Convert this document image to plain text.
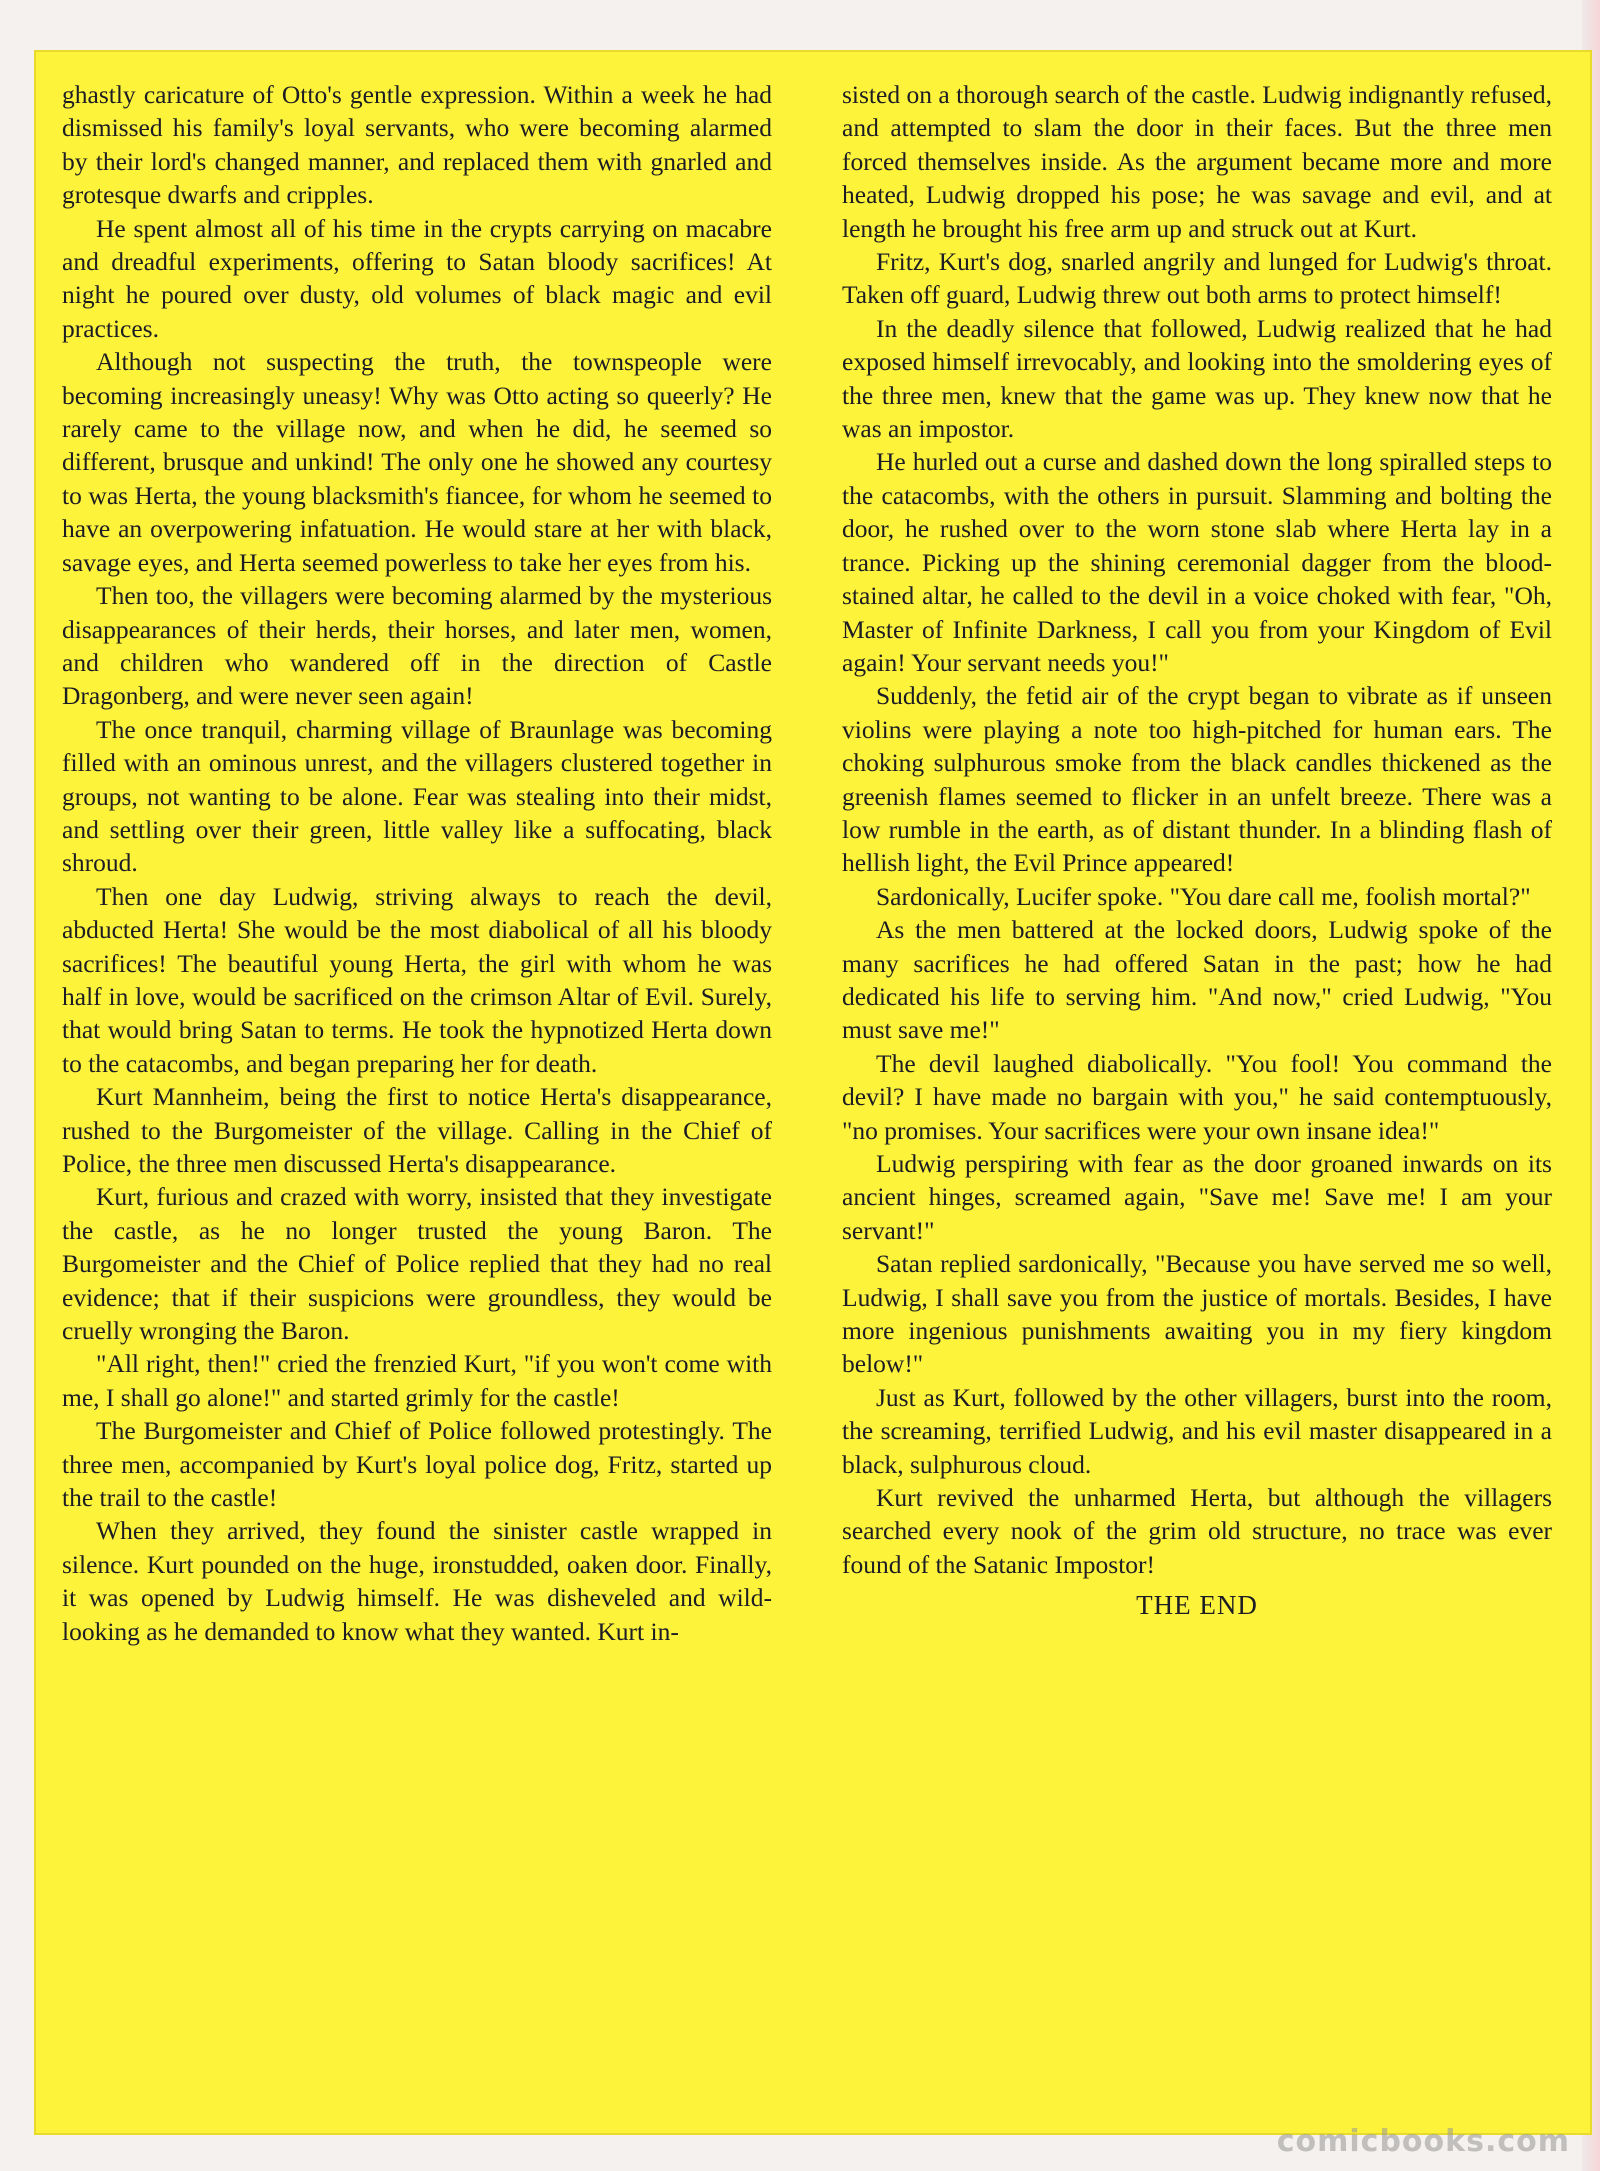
ghastly caricature of Otto's gentle expression. Within a week he had dismissed his family's loyal servants, who were becoming alarmed by their lord's changed manner, and replaced them with gnarled and grotesque dwarfs and cripples.

He spent almost all of his time in the crypts carrying on macabre and dreadful experiments, offering to Satan bloody sacrifices! At night he poured over dusty, old volumes of black magic and evil practices.

Although not suspecting the truth, the townspeople were becoming increasingly uneasy! Why was Otto acting so queerly? He rarely came to the village now, and when he did, he seemed so different, brusque and unkind! The only one he showed any courtesy to was Herta, the young blacksmith's fiancee, for whom he seemed to have an overpowering infatuation. He would stare at her with black, savage eyes, and Herta seemed powerless to take her eyes from his.

Then too, the villagers were becoming alarmed by the mysterious disappearances of their herds, their horses, and later men, women, and children who wandered off in the direction of Castle Dragonberg, and were never seen again!

The once tranquil, charming village of Braunlage was becoming filled with an ominous unrest, and the villagers clustered together in groups, not wanting to be alone. Fear was stealing into their midst, and settling over their green, little valley like a suffocating, black shroud.

Then one day Ludwig, striving always to reach the devil, abducted Herta! She would be the most diabolical of all his bloody sacrifices! The beautiful young Herta, the girl with whom he was half in love, would be sacrificed on the crimson Altar of Evil. Surely, that would bring Satan to terms. He took the hypnotized Herta down to the catacombs, and began preparing her for death.

Kurt Mannheim, being the first to notice Herta's disappearance, rushed to the Burgomeister of the village. Calling in the Chief of Police, the three men discussed Herta's disappearance.

Kurt, furious and crazed with worry, insisted that they investigate the castle, as he no longer trusted the young Baron. The Burgomeister and the Chief of Police replied that they had no real evidence; that if their suspicions were groundless, they would be cruelly wronging the Baron.

"All right, then!" cried the frenzied Kurt, "if you won't come with me, I shall go alone!" and started grimly for the castle!

The Burgomeister and Chief of Police followed protestingly. The three men, accompanied by Kurt's loyal police dog, Fritz, started up the trail to the castle!

When they arrived, they found the sinister castle wrapped in silence. Kurt pounded on the huge, ironstudded, oaken door. Finally, it was opened by Ludwig himself. He was disheveled and wild-looking as he demanded to know what they wanted. Kurt in-

sisted on a thorough search of the castle. Ludwig indignantly refused, and attempted to slam the door in their faces. But the three men forced themselves inside. As the argument became more and more heated, Ludwig dropped his pose; he was savage and evil, and at length he brought his free arm up and struck out at Kurt.

Fritz, Kurt's dog, snarled angrily and lunged for Ludwig's throat. Taken off guard, Ludwig threw out both arms to protect himself!

In the deadly silence that followed, Ludwig realized that he had exposed himself irrevocably, and looking into the smoldering eyes of the three men, knew that the game was up. They knew now that he was an impostor.

He hurled out a curse and dashed down the long spiralled steps to the catacombs, with the others in pursuit. Slamming and bolting the door, he rushed over to the worn stone slab where Herta lay in a trance. Picking up the shining ceremonial dagger from the blood-stained altar, he called to the devil in a voice choked with fear, "Oh, Master of Infinite Darkness, I call you from your Kingdom of Evil again! Your servant needs you!"

Suddenly, the fetid air of the crypt began to vibrate as if unseen violins were playing a note too high-pitched for human ears. The choking sulphurous smoke from the black candles thickened as the greenish flames seemed to flicker in an unfelt breeze. There was a low rumble in the earth, as of distant thunder. In a blinding flash of hellish light, the Evil Prince appeared!

Sardonically, Lucifer spoke. "You dare call me, foolish mortal?"

As the men battered at the locked doors, Ludwig spoke of the many sacrifices he had offered Satan in the past; how he had dedicated his life to serving him. "And now," cried Ludwig, "You must save me!"

The devil laughed diabolically. "You fool! You command the devil? I have made no bargain with you," he said contemptuously, "no promises. Your sacrifices were your own insane idea!"

Ludwig perspiring with fear as the door groaned inwards on its ancient hinges, screamed again, "Save me! Save me! I am your servant!"

Satan replied sardonically, "Because you have served me so well, Ludwig, I shall save you from the justice of mortals. Besides, I have more ingenious punishments awaiting you in my fiery kingdom below!"

Just as Kurt, followed by the other villagers, burst into the room, the screaming, terrified Ludwig, and his evil master disappeared in a black, sulphurous cloud.

Kurt revived the unharmed Herta, but although the villagers searched every nook of the grim old structure, no trace was ever found of the Satanic Impostor!

THE END
comicbooks.com
